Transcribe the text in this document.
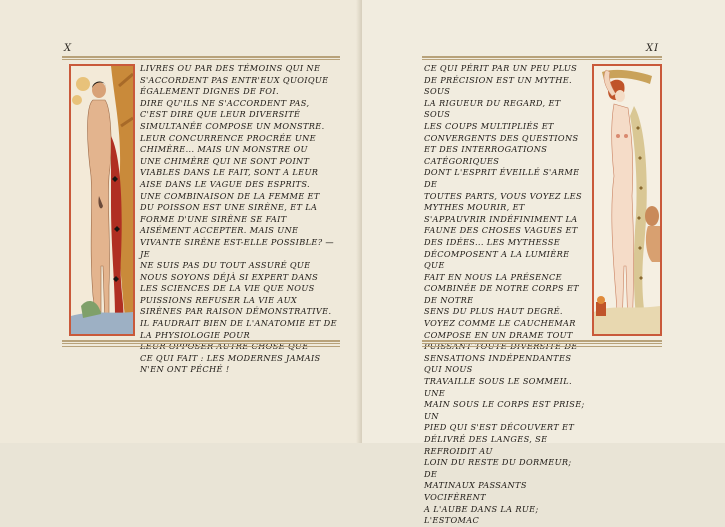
X

LIVRES OU PAR DES TÉMOINS QUI NE
S'ACCORDENT PAS ENTR'EUX QUOIQUE ÉGALEMENT DIGNES DE FOI.
DIRE QU'ILS NE S'ACCORDENT PAS,
C'EST DIRE QUE LEUR DIVERSITÉ SIMULTANÉE COMPOSE UN MONSTRE.
LEUR CONCURRENCE PROCRÉE UNE
CHIMÈRE... MAIS UN MONSTRE OU
UNE CHIMÈRE QUI NE SONT POINT
VIABLES DANS LE FAIT, SONT A LEUR
AISE DANS LE VAGUE DES ESPRITS.
UNE COMBINAISON DE LA FEMME ET
DU POISSON EST UNE SIRÈNE, ET LA
FORME D'UNE SIRÈNE SE FAIT AISÉMENT ACCEPTER. MAIS UNE VIVANTE SIRÈNE EST-ELLE POSSIBLE? — JE
NE SUIS PAS DU TOUT ASSURÉ QUE
NOUS SOYONS DÉJÀ SI EXPERT DANS
LES SCIENCES DE LA VIE QUE NOUS
PUISSIONS REFUSER LA VIE AUX SIRÈNES PAR RAISON DÉMONSTRATIVE. IL FAUDRAIT BIEN DE L'ANATOMIE ET DE LA PHYSIOLOGIE POUR
LEUR OPPOSER AUTRE CHOSE QUE
CE QUI FAIT : LES MODERNES JAMAIS
N'EN ONT PÉCHÉ !

XI

CE QUI PÉRIT PAR UN PEU PLUS
DE PRÉCISION EST UN MYTHE. SOUS
LA RIGUEUR DU REGARD, ET SOUS
LES COUPS MULTIPLIÉS ET CONVERGENTS DES QUESTIONS ET DES INTERROGATIONS CATÉGORIQUES
DONT L'ESPRIT ÉVEILLÉ S'ARME DE
TOUTES PARTS, VOUS VOYEZ LES MYTHES MOURIR, ET S'APPAUVRIR INDÉFINIMENT LA FAUNE DES CHOSES VAGUES ET DES IDÉES... LES MYTHESSE
DÉCOMPOSENT A LA LUMIÈRE QUE
FAIT EN NOUS LA PRÉSENCE COMBINÉE DE NOTRE CORPS ET DE NOTRE
SENS DU PLUS HAUT DEGRÉ.
VOYEZ COMME LE CAUCHEMAR
COMPOSE EN UN DRAME TOUT PUISSANT TOUTE DIVERSITÉ DE SENSATIONS INDÉPENDANTES QUI NOUS
TRAVAILLE SOUS LE SOMMEIL. UNE
MAIN SOUS LE CORPS EST PRISE; UN
PIED QUI S'EST DÉCOUVERT ET DÉLIVRÉ DES LANGES, SE REFROIDIT AU
LOIN DU RESTE DU DORMEUR; DE
MATINAUX PASSANTS VOCIFÈRENT
A L'AUBE DANS LA RUE; L'ESTOMAC
